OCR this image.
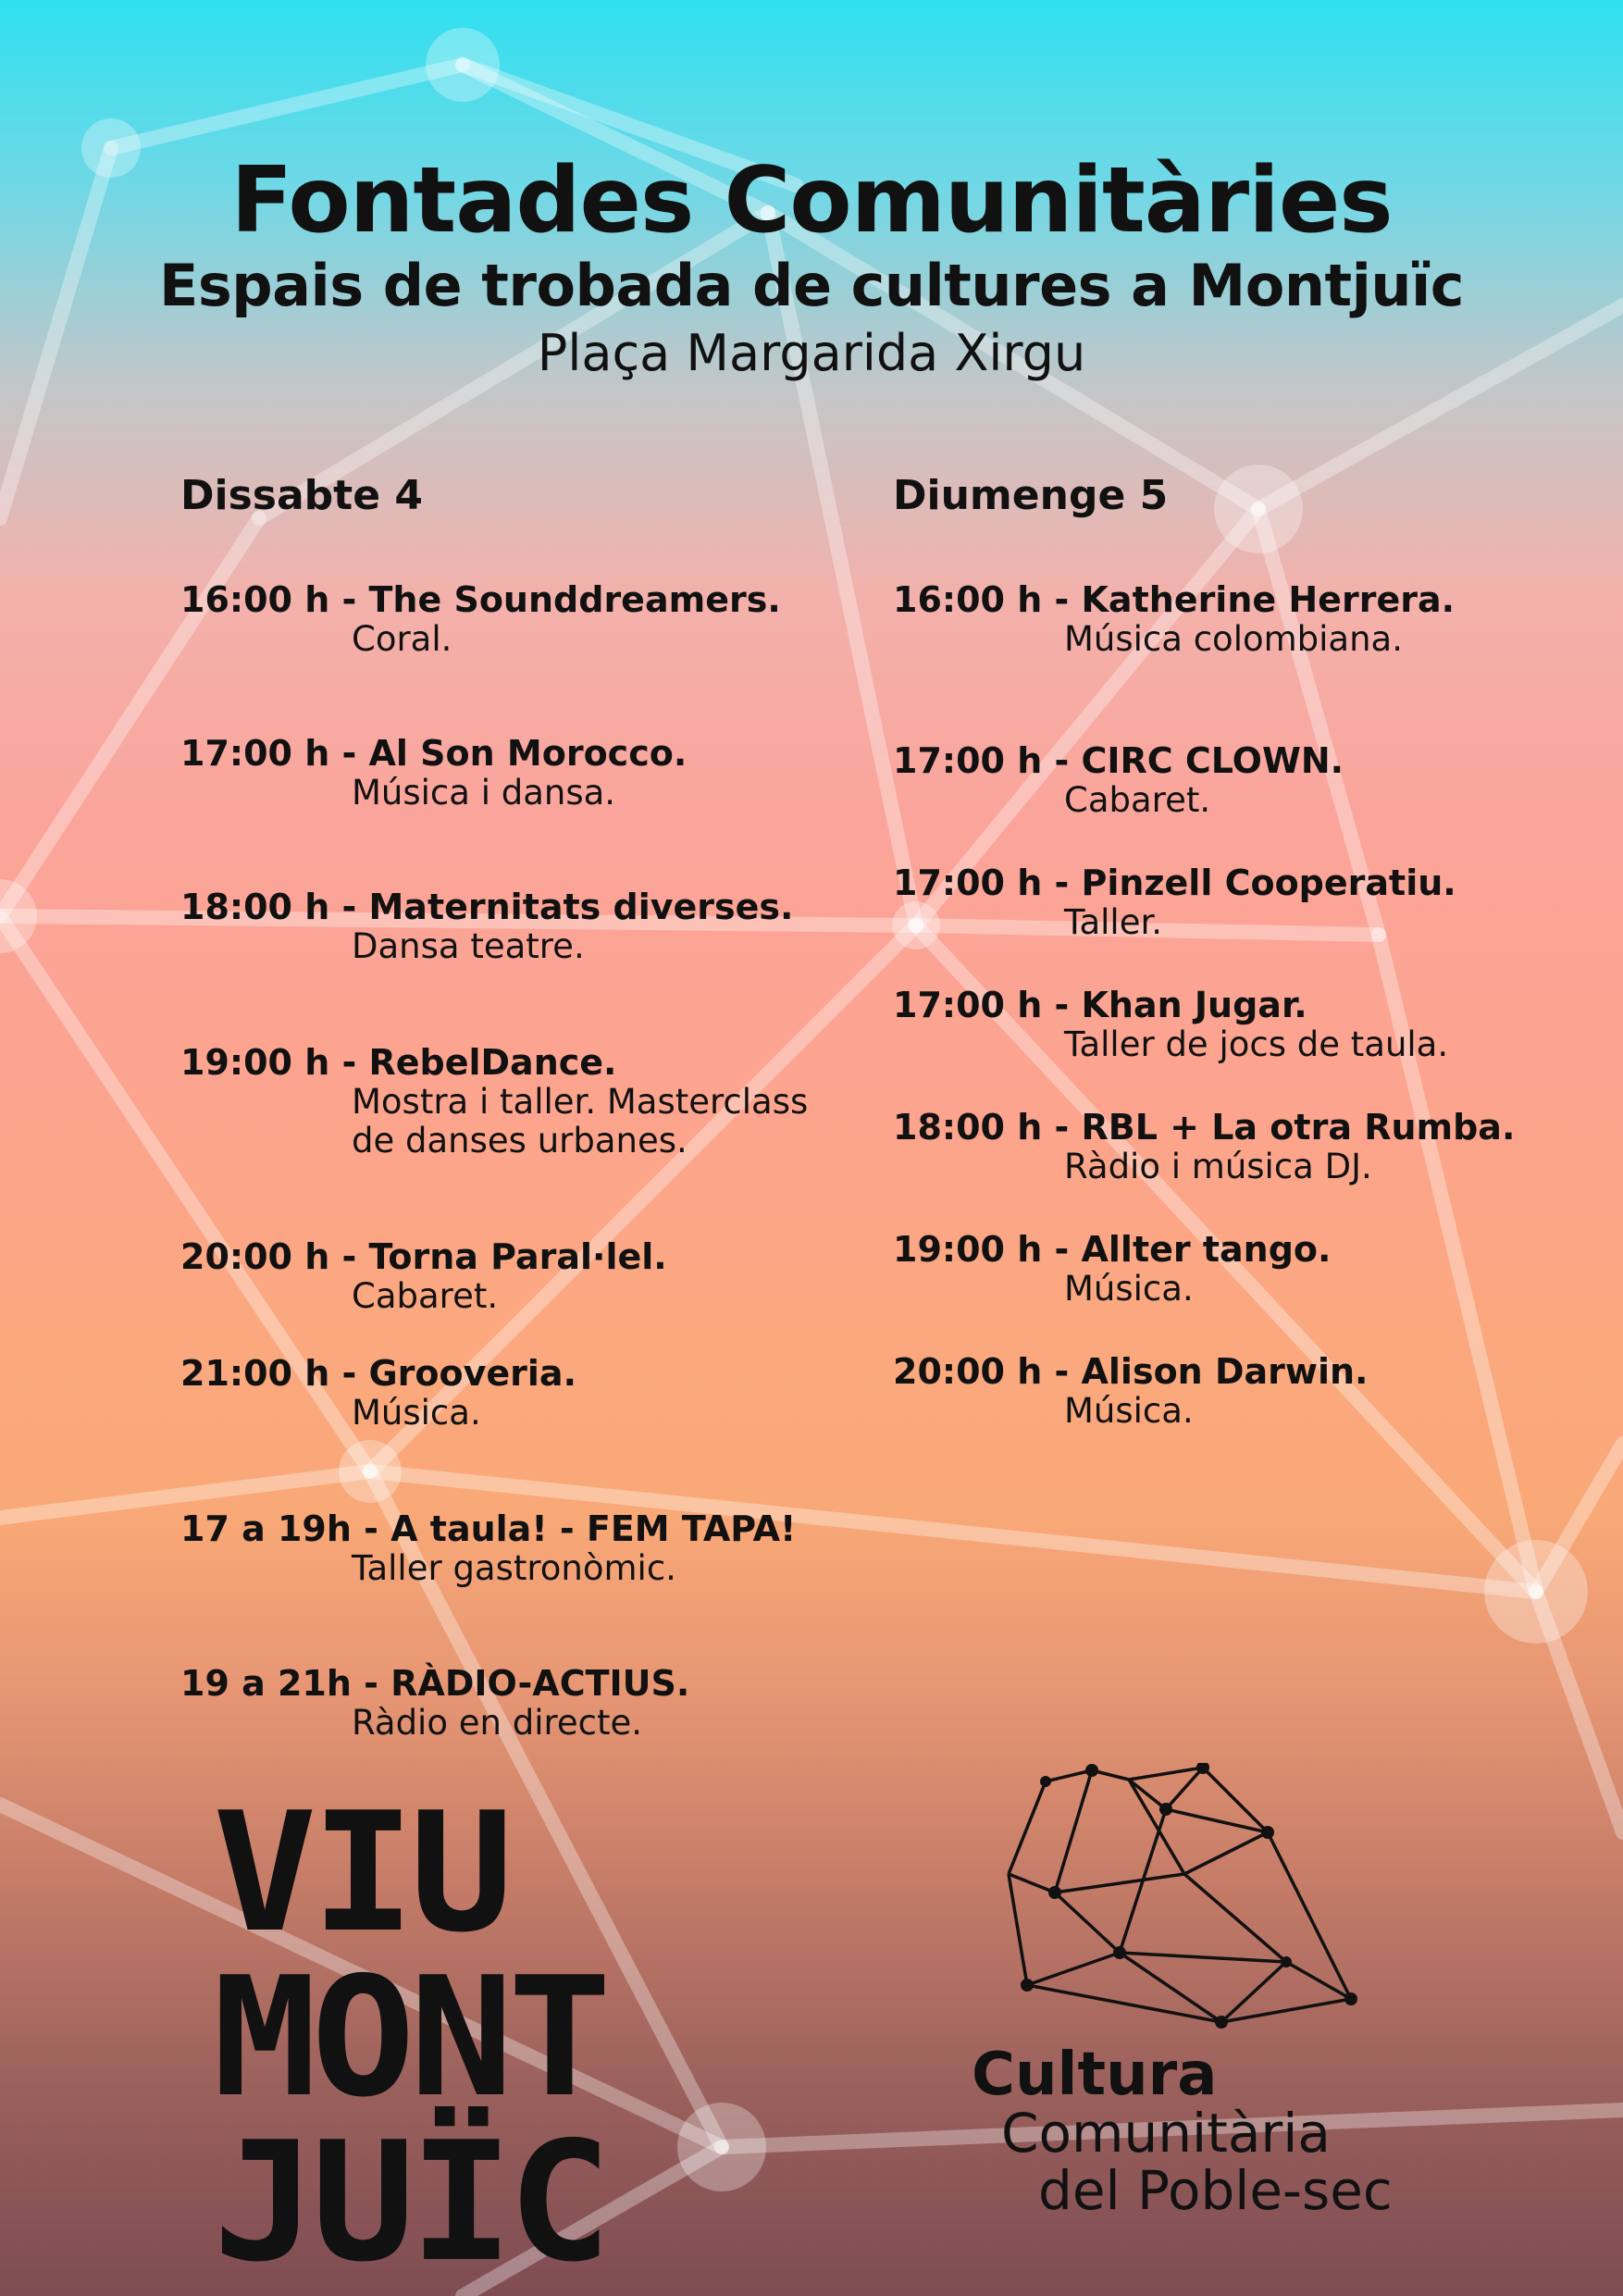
Fontades Comunitàries
Espais de trobada de cultures a Montjuïc
Plaça Margarida Xirgu
Dissabte 4	Diumenge 5
16:00 h - The Sounddreamers.
Coral.
17:00 h - Al Son Morocco.
Música i dansa.
18:00 h - Maternitats diverses.
Dansa teatre.
19:00 h - RebelDance.
Mostra i taller. Masterclass
de danses urbanes.
20:00 h - Torna Paral·lel.
Cabaret.
21:00 h - Grooveria.
Música.
17 a 19h - A taula! - FEM TAPA!
Taller gastronòmic.
19 a 21h - RÀDIO-ACTIUS.
Ràdio en directe.
16:00 h - Katherine Herrera.
Música colombiana.
17:00 h - CIRC CLOWN.
Cabaret.
17:00 h - Pinzell Cooperatiu.
Taller.
17:00 h - Khan Jugar.
Taller de jocs de taula.
18:00 h - RBL + La otra Rumba.
Ràdio i música DJ.
19:00 h - Allter tango.
Música.
20:00 h - Alison Darwin.
Música.
VIU
MONT
JUÏC
Cultura
Comunitària
del Poble-sec
